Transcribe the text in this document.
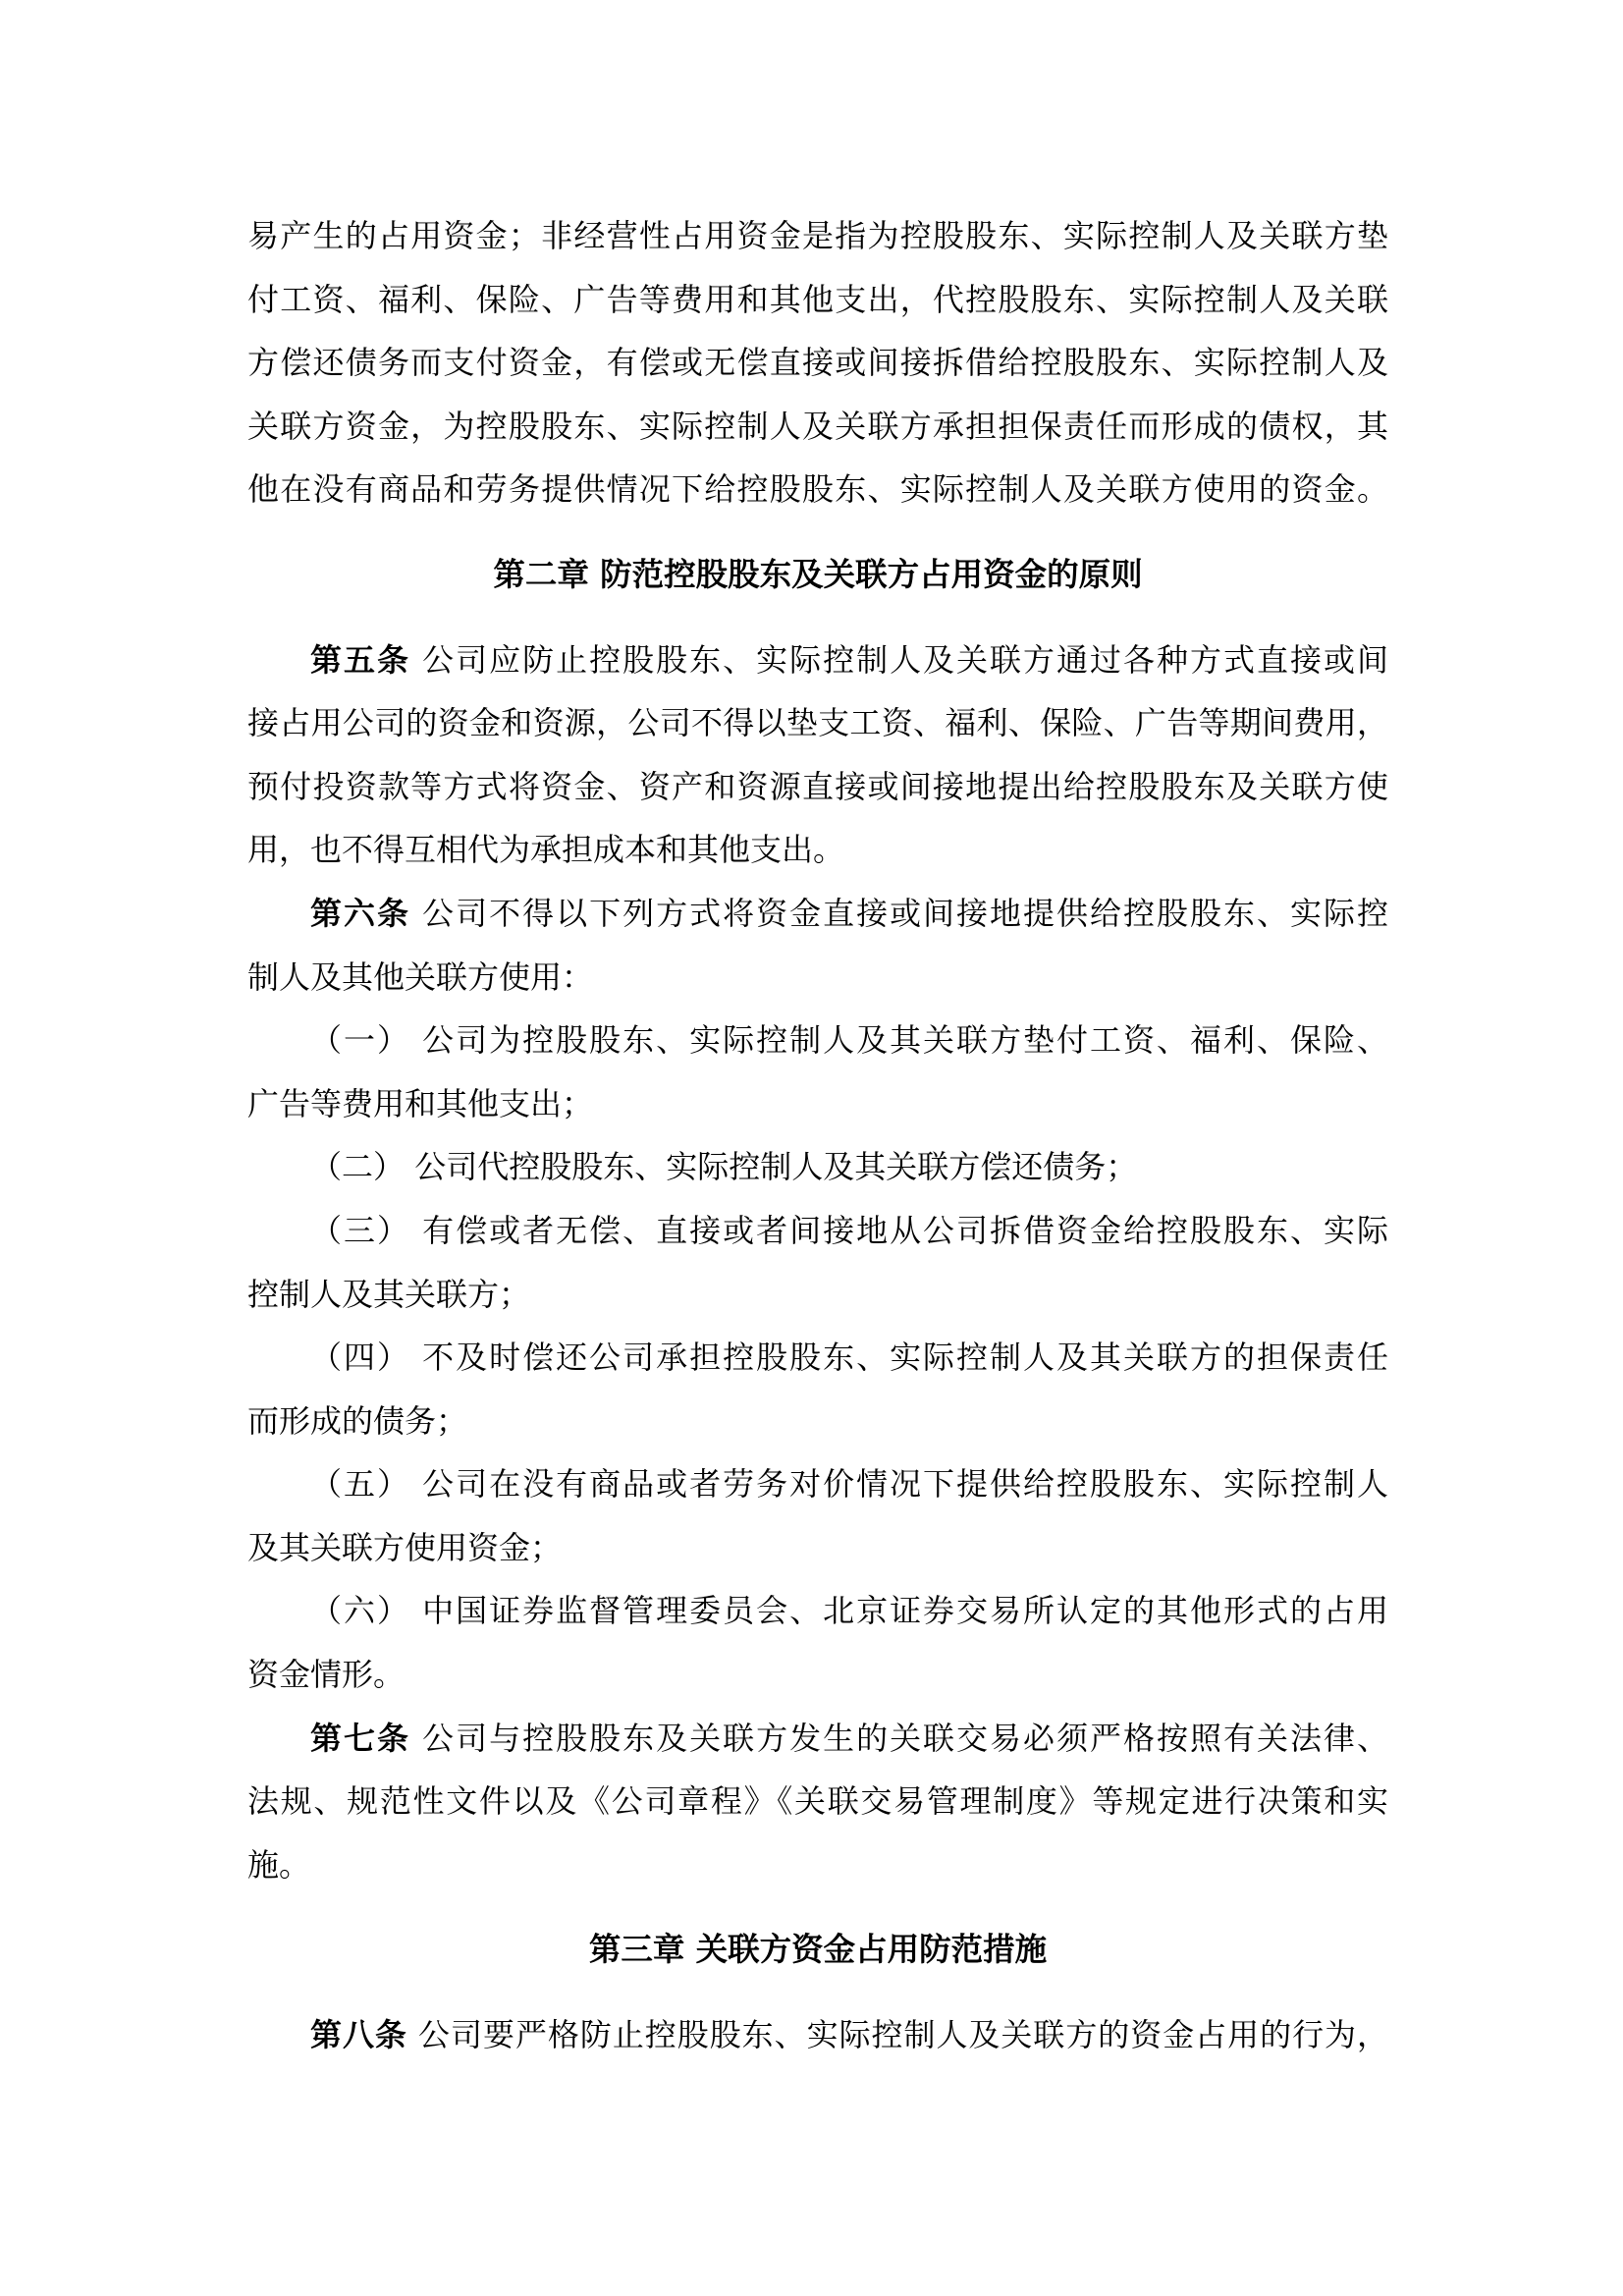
易产生的占用资金；非经营性占用资金是指为控股股东、实际控制人及关联方垫
付工资、福利、保险、广告等费用和其他支出，代控股股东、实际控制人及关联
方偿还债务而支付资金，有偿或无偿直接或间接拆借给控股股东、实际控制人及
关联方资金，为控股股东、实际控制人及关联方承担担保责任而形成的债权，其
他在没有商品和劳务提供情况下给控股股东、实际控制人及关联方使用的资金。
第二章 防范控股股东及关联方占用资金的原则
第五条 公司应防止控股股东、实际控制人及关联方通过各种方式直接或间
接占用公司的资金和资源，公司不得以垫支工资、福利、保险、广告等期间费用，
预付投资款等方式将资金、资产和资源直接或间接地提出给控股股东及关联方使
用，也不得互相代为承担成本和其他支出。
第六条 公司不得以下列方式将资金直接或间接地提供给控股股东、实际控
制人及其他关联方使用：
（一） 公司为控股股东、实际控制人及其关联方垫付工资、福利、保险、
广告等费用和其他支出；
（二） 公司代控股股东、实际控制人及其关联方偿还债务；
（三） 有偿或者无偿、直接或者间接地从公司拆借资金给控股股东、实际
控制人及其关联方；
（四） 不及时偿还公司承担控股股东、实际控制人及其关联方的担保责任
而形成的债务；
（五） 公司在没有商品或者劳务对价情况下提供给控股股东、实际控制人
及其关联方使用资金；
（六） 中国证券监督管理委员会、北京证券交易所认定的其他形式的占用
资金情形。
第七条 公司与控股股东及关联方发生的关联交易必须严格按照有关法律、
法规、规范性文件以及《公司章程》《关联交易管理制度》等规定进行决策和实
施。
第三章 关联方资金占用防范措施
第八条 公司要严格防止控股股东、实际控制人及关联方的资金占用的行为，
